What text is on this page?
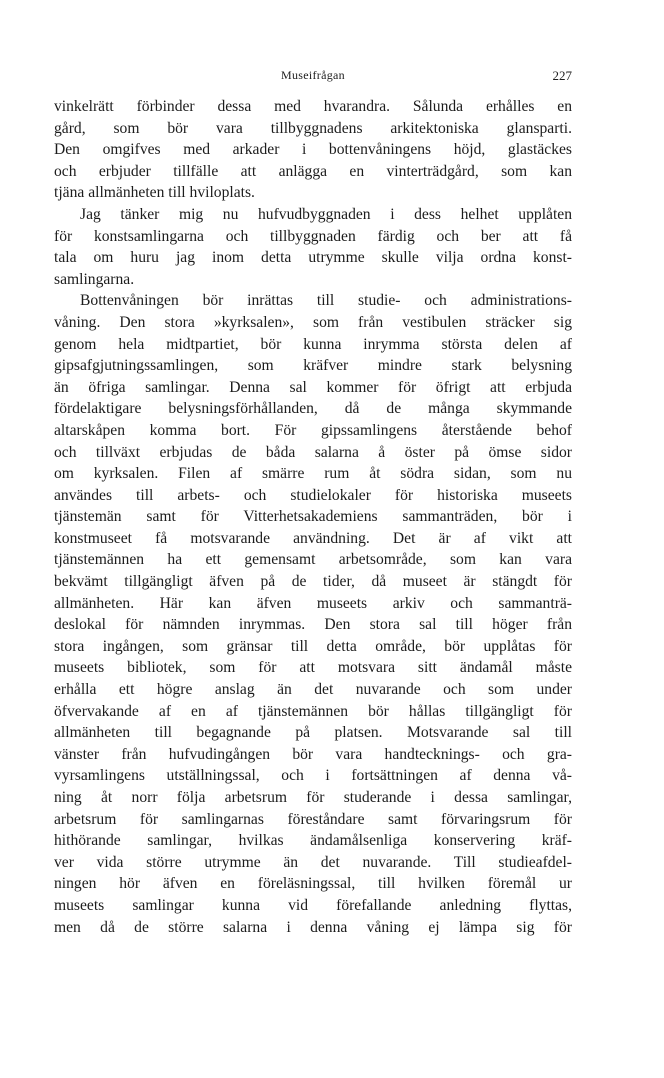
Museifrågan	227
vinkelrätt förbinder dessa med hvarandra. Sålunda erhålles en
gård, som bör vara tillbyggnadens arkitektoniska glansparti.
Den omgifves med arkader i bottenvåningens höjd, glastäckes
och erbjuder tillfälle att anlägga en vinterträdgård, som kan
tjäna allmänheten till hviloplats.
Jag tänker mig nu hufvudbyggnaden i dess helhet upplåten
för konstsamlingarna och tillbyggnaden färdig och ber att få
tala om huru jag inom detta utrymme skulle vilja ordna konst-
samlingarna.
Bottenvåningen bör inrättas till studie- och administrations-
våning. Den stora »kyrksalen», som från vestibulen sträcker sig
genom hela midtpartiet, bör kunna inrymma största delen af
gipsafgjutningssamlingen, som kräfver mindre stark belysning
än öfriga samlingar. Denna sal kommer för öfrigt att erbjuda
fördelaktigare belysningsförhållanden, då de många skymmande
altarskåpen komma bort. För gipssamlingens återstående behof
och tillväxt erbjudas de båda salarna å öster på ömse sidor
om kyrksalen. Filen af smärre rum åt södra sidan, som nu
användes till arbets- och studielokaler för historiska museets
tjänstemän samt för Vitterhetsakademiens sammanträden, bör i
konstmuseet få motsvarande användning. Det är af vikt att
tjänstemännen ha ett gemensamt arbetsområde, som kan vara
bekvämt tillgängligt äfven på de tider, då museet är stängdt för
allmänheten. Här kan äfven museets arkiv och sammanträ-
deslokal för nämnden inrymmas. Den stora sal till höger från
stora ingången, som gränsar till detta område, bör upplåtas för
museets bibliotek, som för att motsvara sitt ändamål måste
erhålla ett högre anslag än det nuvarande och som under
öfvervakande af en af tjänstemännen bör hållas tillgängligt för
allmänheten till begagnande på platsen. Motsvarande sal till
vänster från hufvudingången bör vara handtecknings- och gra-
vyrsamlingens utställningssal, och i fortsättningen af denna vå-
ning åt norr följa arbetsrum för studerande i dessa samlingar,
arbetsrum för samlingarnas föreståndare samt förvaringsrum för
hithörande samlingar, hvilkas ändamålsenliga konservering kräf-
ver vida större utrymme än det nuvarande. Till studieafdel-
ningen hör äfven en föreläsningssal, till hvilken föremål ur
museets samlingar kunna vid förefallande anledning flyttas,
men då de större salarna i denna våning ej lämpa sig för
